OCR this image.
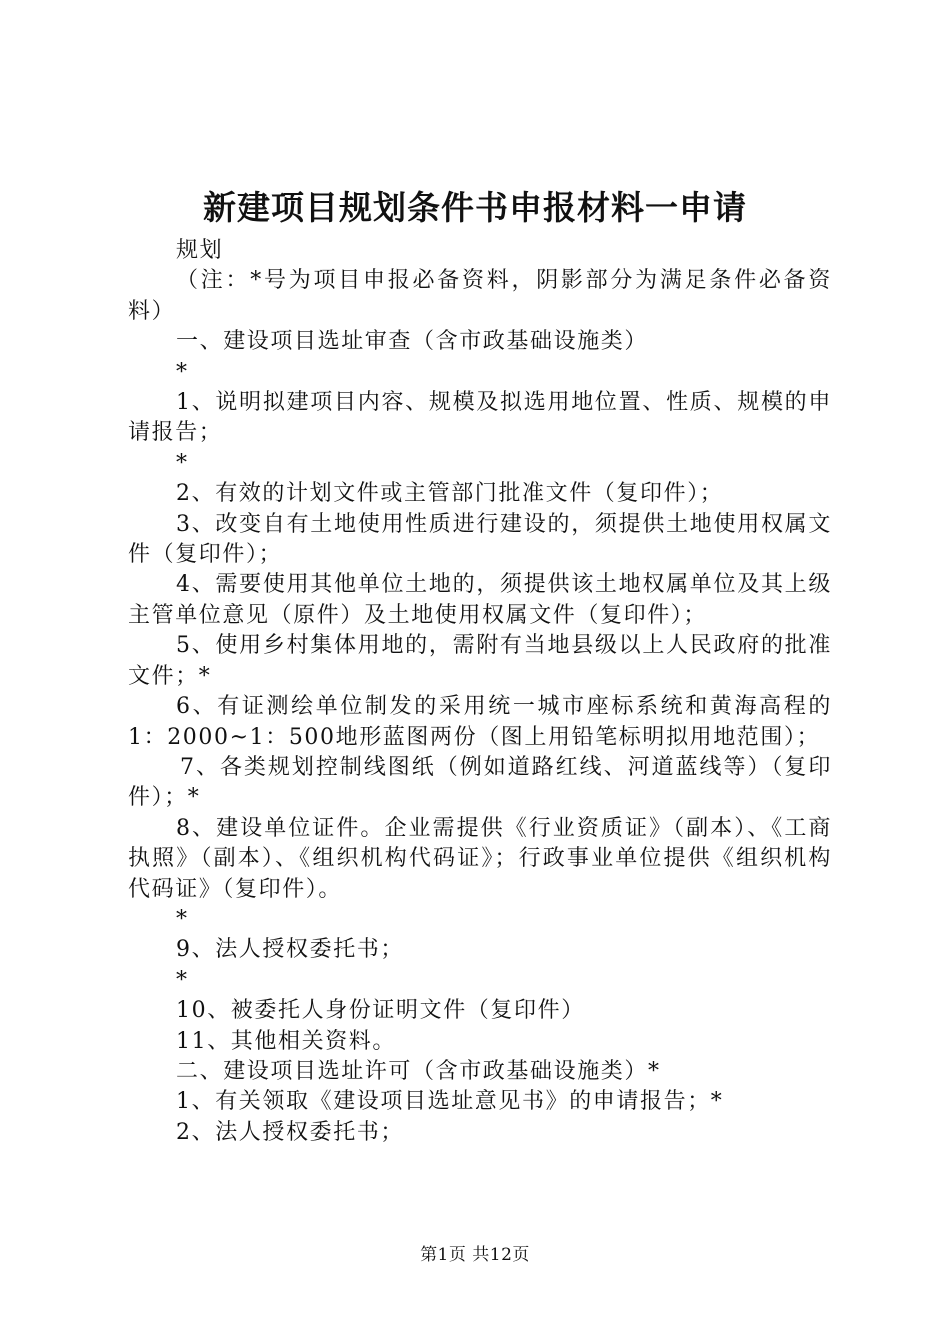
新建项目规划条件书申报材料一申请

规划

（注：*号为项目申报必备资料，阴影部分为满足条件必备资料）

一、建设项目选址审查（含市政基础设施类）

*

1、说明拟建项目内容、规模及拟选用地位置、性质、规模的申请报告；

*

2、有效的计划文件或主管部门批准文件（复印件）；

3、改变自有土地使用性质进行建设的，须提供土地使用权属文件（复印件）；

4、需要使用其他单位土地的，须提供该土地权属单位及其上级主管单位意见（原件）及土地使用权属文件（复印件）；

5、使用乡村集体用地的，需附有当地县级以上人民政府的批准文件；*

6、有证测绘单位制发的采用统一城市座标系统和黄海高程的1：2000~1：500地形蓝图两份（图上用铅笔标明拟用地范围）；

7、各类规划控制线图纸（例如道路红线、河道蓝线等）（复印件）；*

8、建设单位证件。企业需提供《行业资质证》（副本）、《工商执照》（副本）、《组织机构代码证》；行政事业单位提供《组织机构代码证》（复印件）。

*

9、法人授权委托书；

*

10、被委托人身份证明文件（复印件）

11、其他相关资料。

二、建设项目选址许可（含市政基础设施类）*

1、有关领取《建设项目选址意见书》的申请报告；*

2、法人授权委托书；

第1页 共12页
